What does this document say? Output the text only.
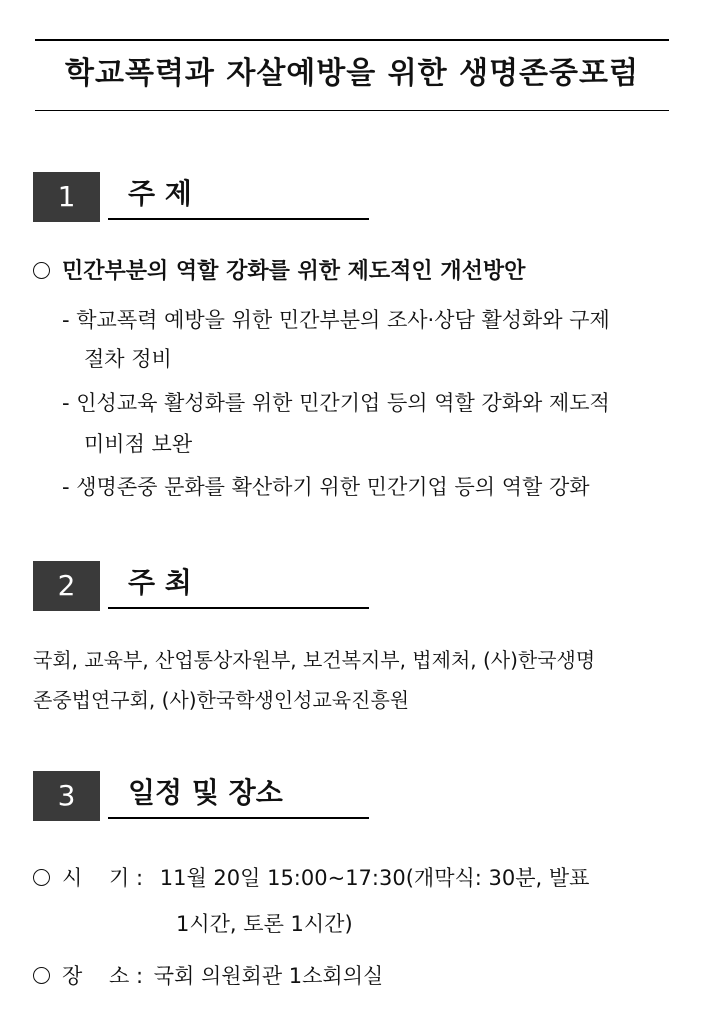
학교폭력과 자살예방을 위한 생명존중포럼
1	주 제
민간부분의 역할 강화를 위한 제도적인 개선방안
- 학교폭력 예방을 위한 민간부분의 조사·상담 활성화와 구제
절차 정비
- 인성교육 활성화를 위한 민간기업 등의 역할 강화와 제도적
미비점 보완
- 생명존중 문화를 확산하기 위한 민간기업 등의 역할 강화
2	주 최
국회, 교육부, 산업통상자원부, 보건복지부, 법제처, (사)한국생명
존중법연구회, (사)한국학생인성교육진흥원
3	일정 및 장소
시    기 : 11월 20일 15:00~17:30(개막식: 30분, 발표
1시간, 토론 1시간)
장    소 : 국회 의원회관 1소회의실
